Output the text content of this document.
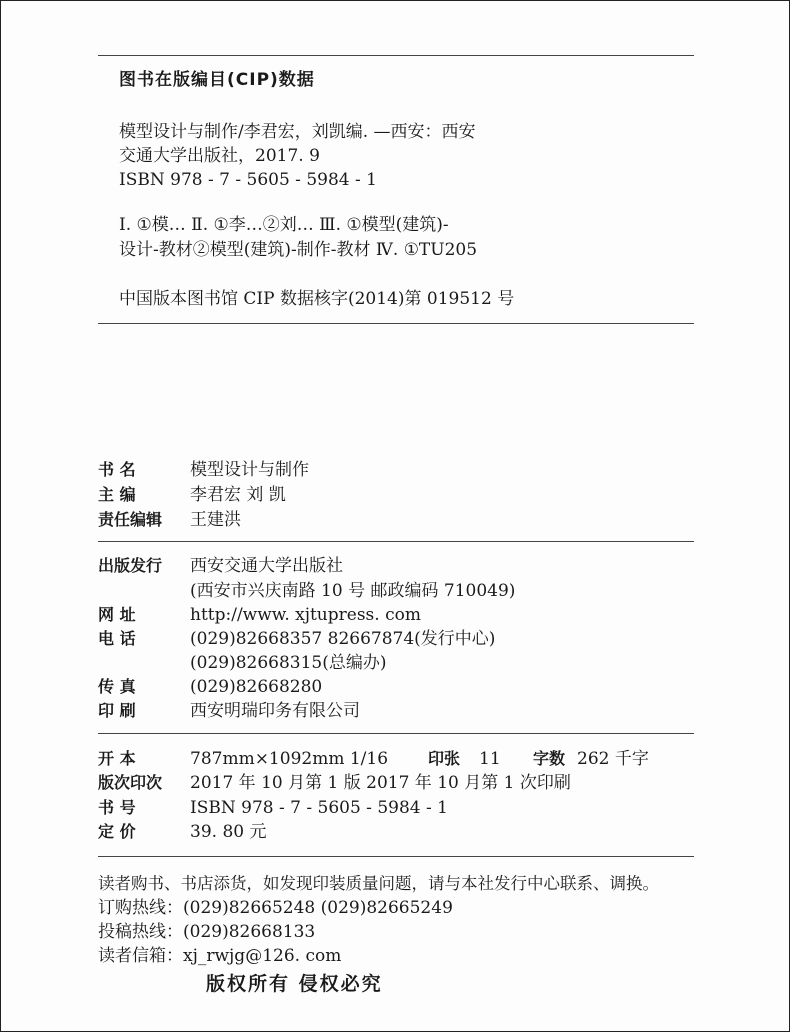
图书在版编目(CIP)数据
模型设计与制作/李君宏，刘凯编. —西安：西安
交通大学出版社，2017. 9
ISBN 978 - 7 - 5605 - 5984 - 1
Ⅰ. ①模… Ⅱ. ①李…②刘… Ⅲ. ①模型(建筑)-
设计-教材②模型(建筑)-制作-教材 Ⅳ. ①TU205
中国版本图书馆 CIP 数据核字(2014)第 019512 号
书 名	模型设计与制作
主 编	李君宏 刘 凯
责任编辑 王建洪
出版发行 西安交通大学出版社
(西安市兴庆南路 10 号 邮政编码 710049)
网 址	http://www. xjtupress. com
电 话	(029)82668357 82667874(发行中心)
(029)82668315(总编办)
传 真	(029)82668280
印 刷	西安明瑞印务有限公司
开 本	787mm×1092mm 1/16 印张 11 字数 262 千字
版次印次 2017 年 10 月第 1 版 2017 年 10 月第 1 次印刷
书 号	ISBN 978 - 7 - 5605 - 5984 - 1
定 价	39. 80 元
读者购书、书店添货，如发现印装质量问题，请与本社发行中心联系、调换。
订购热线：(029)82665248 (029)82665249
投稿热线：(029)82668133
读者信箱：xj_rwjg@126. com
版权所有 侵权必究
